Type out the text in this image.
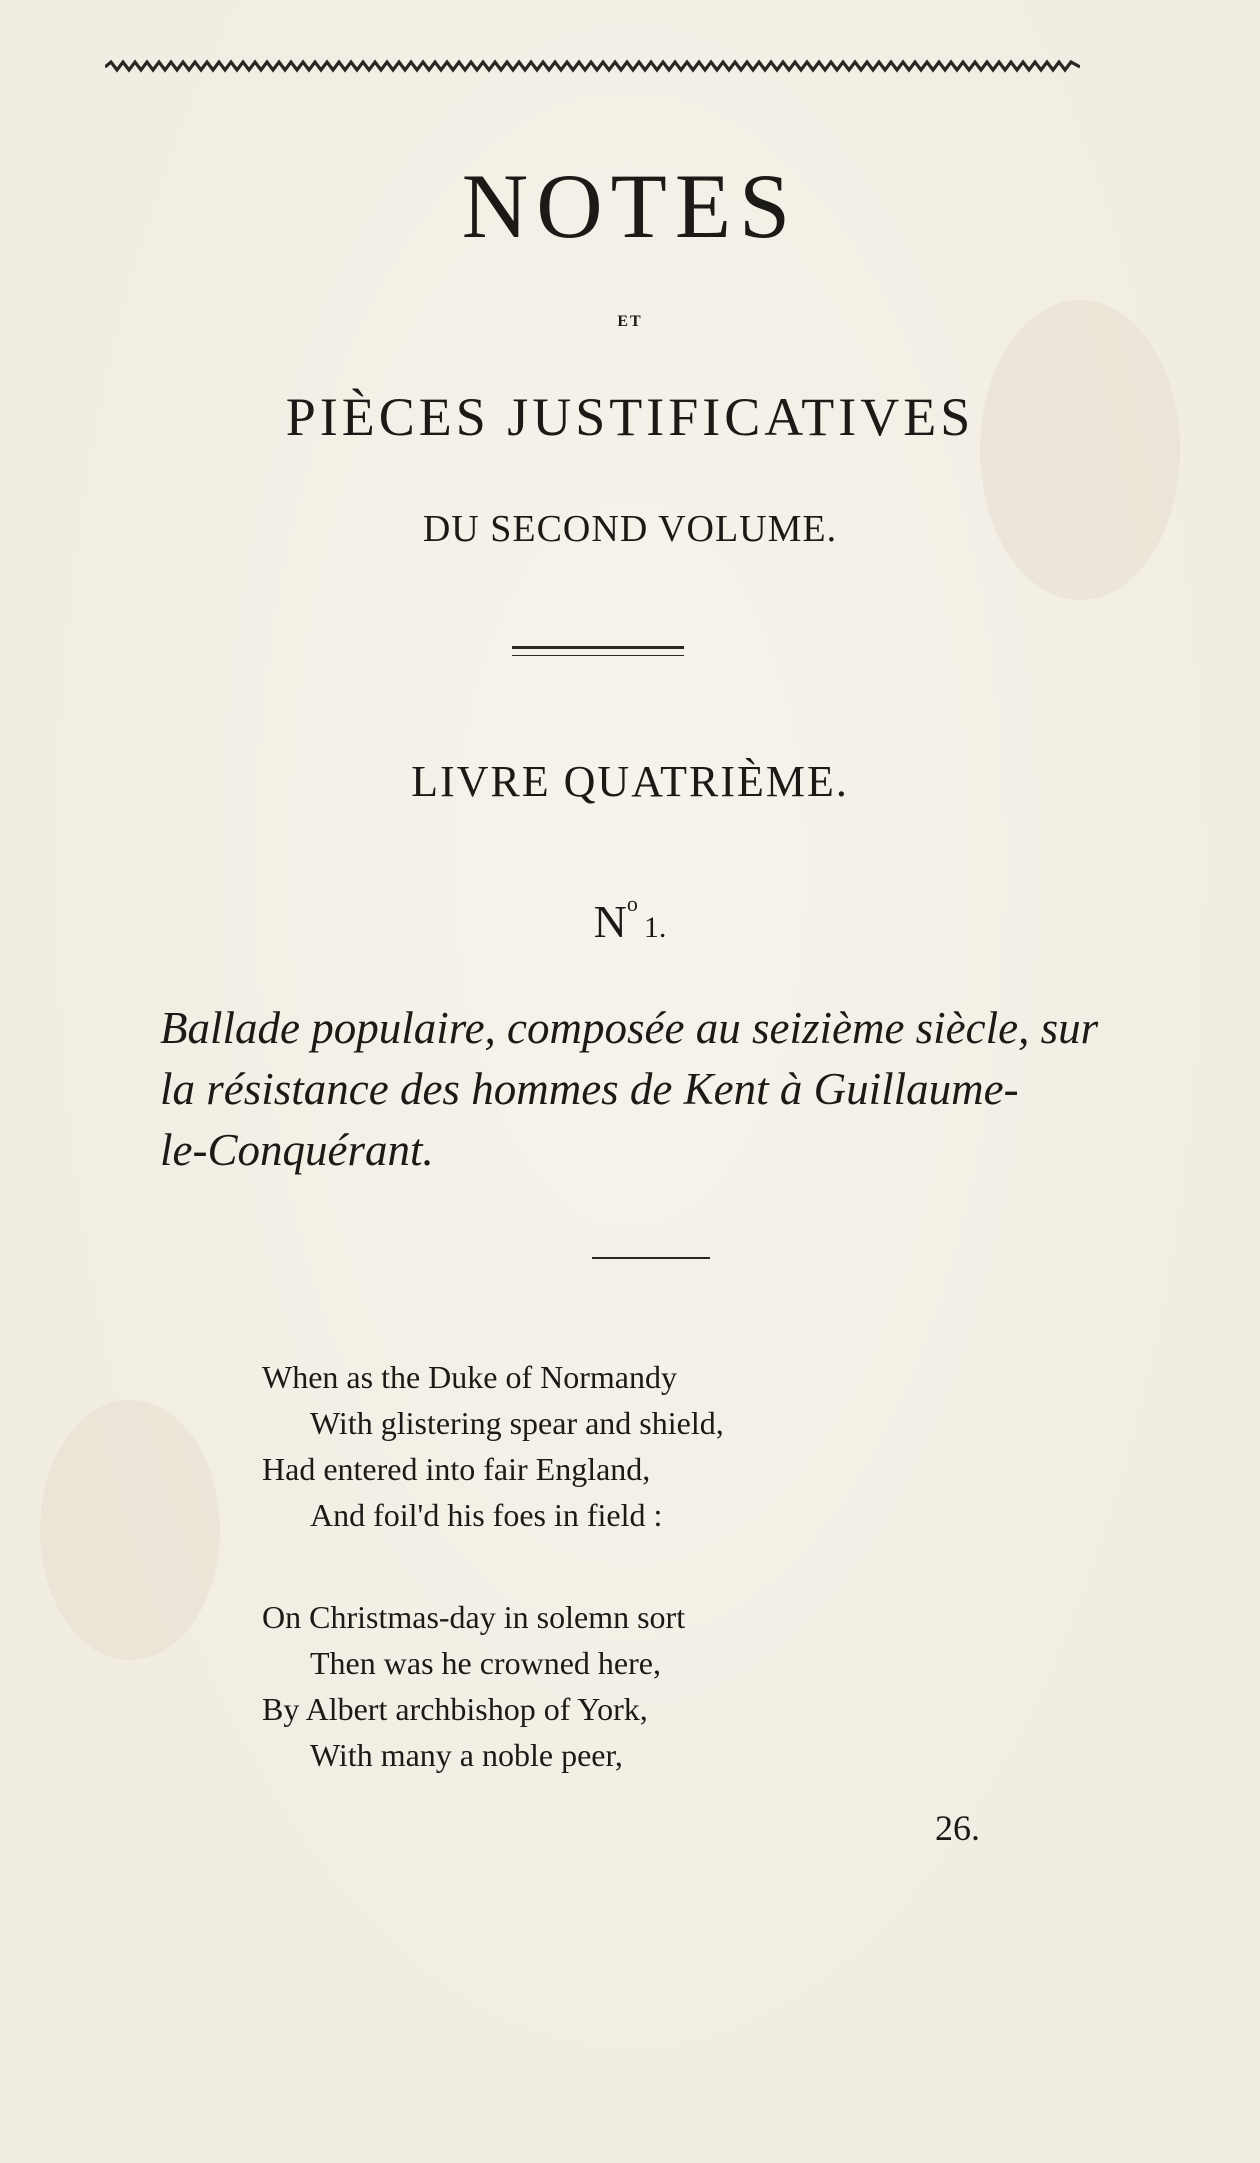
NOTES
ET
PIÈCES JUSTIFICATIVES
DU SECOND VOLUME.
LIVRE QUATRIÈME.
$N^o1$.
Ballade populaire, composée au seizième siècle, sur
la résistance des hommes de Kent à Guillaume-
le-Conquérant.
When as the Duke of Normandy
With glistering spear and shield,
Had entered into fair England,
And foil'd his foes in field :
On Christmas-day in solemn sort
Then was he crowned here,
By Albert archbishop of York,
With many a noble peer,
26.
